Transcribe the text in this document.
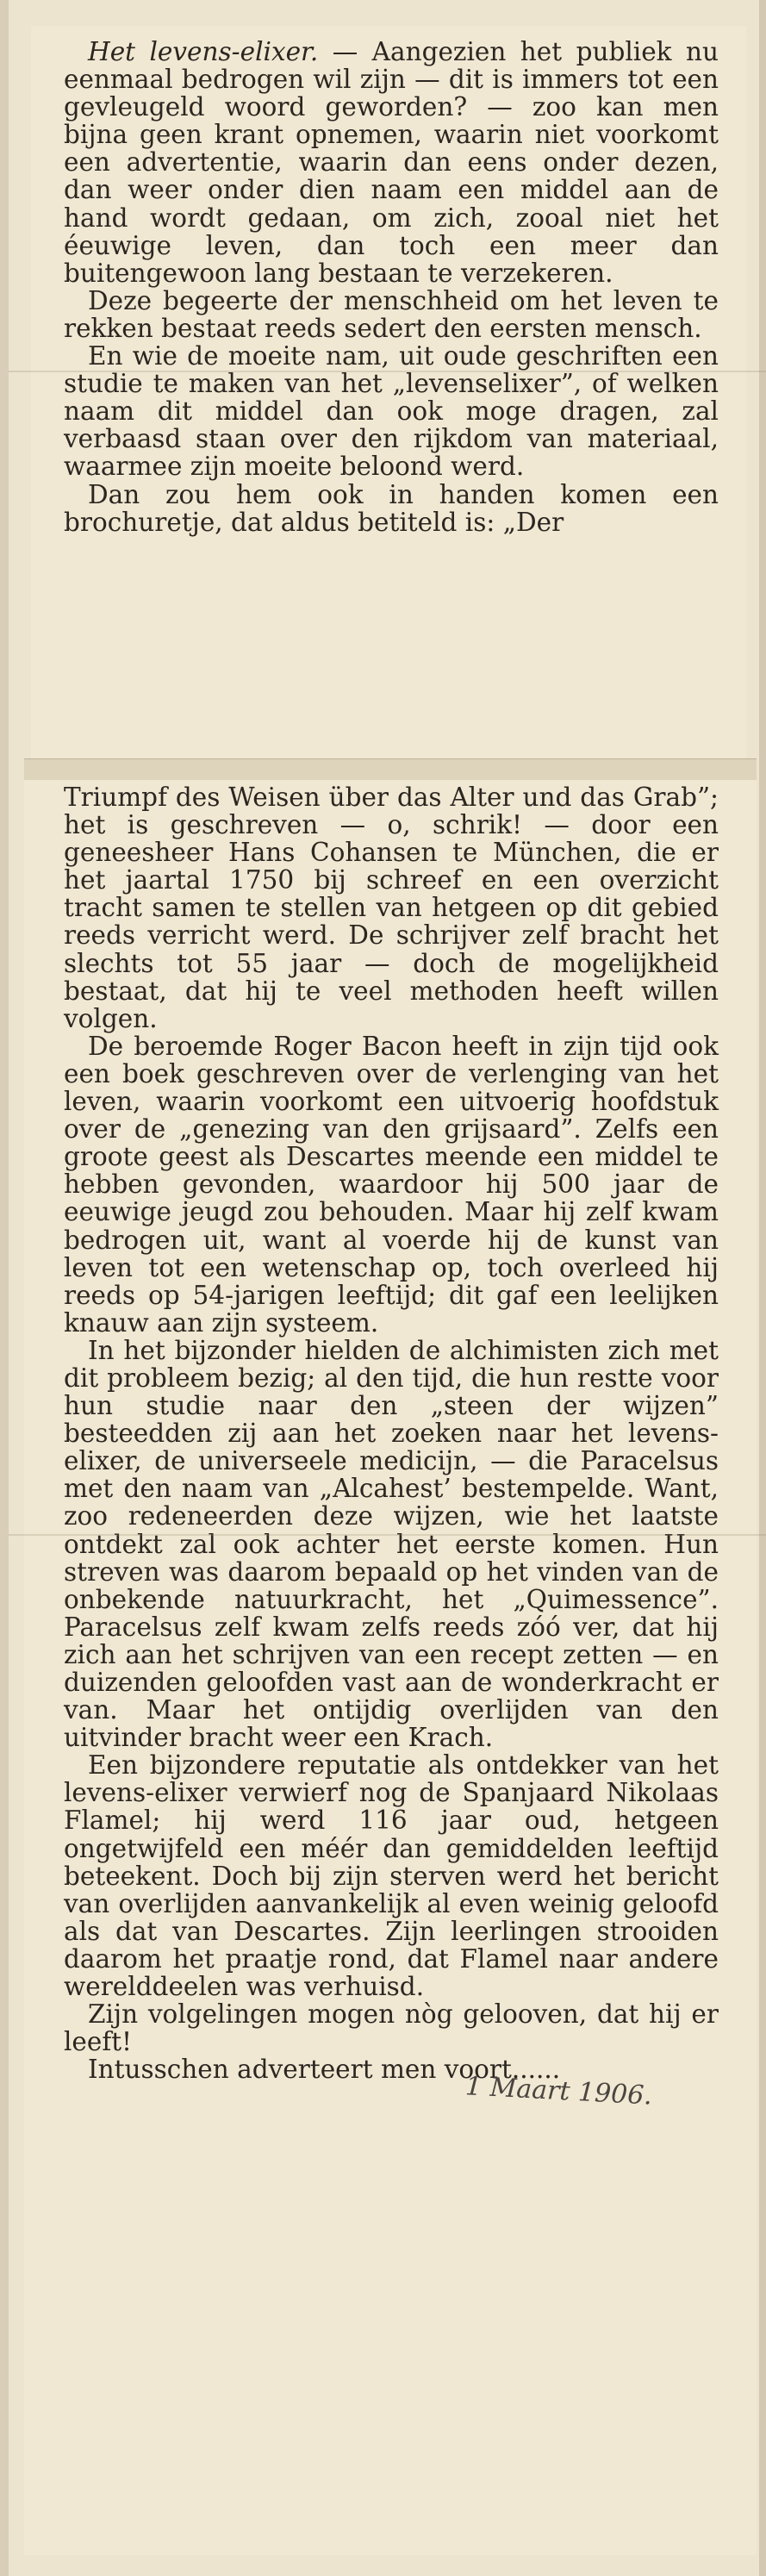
Het levens-elixer. — Aangezien het publiek nu eenmaal bedrogen wil zijn — dit is immers tot een gevleugeld woord geworden? — zoo kan men bijna geen krant opnemen, waarin niet voorkomt een advertentie, waarin dan eens onder dezen, dan weer onder dien naam een middel aan de hand wordt gedaan, om zich, zooal niet het éeuwige leven, dan toch een meer dan buitengewoon lang bestaan te verzekeren.

Deze begeerte der menschheid om het leven te rekken bestaat reeds sedert den eersten mensch.

En wie de moeite nam, uit oude geschriften een studie te maken van het „levenselixer”, of welken naam dit middel dan ook moge dragen, zal verbaasd staan over den rijkdom van materiaal, waarmee zijn moeite beloond werd.

Dan zou hem ook in handen komen een brochuretje, dat aldus betiteld is: „Der

Triumpf des Weisen über das Alter und das Grab”; het is geschreven — o, schrik! — door een geneesheer Hans Cohansen te München, die er het jaartal 1750 bij schreef en een overzicht tracht samen te stellen van hetgeen op dit gebied reeds verricht werd. De schrijver zelf bracht het slechts tot 55 jaar — doch de mogelijkheid bestaat, dat hij te veel methoden heeft willen volgen.

De beroemde Roger Bacon heeft in zijn tijd ook een boek geschreven over de verlenging van het leven, waarin voorkomt een uitvoerig hoofdstuk over de „genezing van den grijsaard”. Zelfs een groote geest als Descartes meende een middel te hebben gevonden, waardoor hij 500 jaar de eeuwige jeugd zou behouden. Maar hij zelf kwam bedrogen uit, want al voerde hij de kunst van leven tot een wetenschap op, toch overleed hij reeds op 54-jarigen leeftijd; dit gaf een leelijken knauw aan zijn systeem.

In het bijzonder hielden de alchimisten zich met dit probleem bezig; al den tijd, die hun restte voor hun studie naar den „steen der wijzen” besteedden zij aan het zoeken naar het levens-elixer, de universeele medicijn, — die Paracelsus met den naam van „Alcahest’ bestempelde. Want, zoo redeneerden deze wijzen, wie het laatste ontdekt zal ook achter het eerste komen. Hun streven was daarom bepaald op het vinden van de onbekende natuurkracht, het „Quimessence”. Paracelsus zelf kwam zelfs reeds zóó ver, dat hij zich aan het schrijven van een recept zetten — en duizenden geloofden vast aan de wonderkracht er van. Maar het ontijdig overlijden van den uitvinder bracht weer een Krach.

Een bijzondere reputatie als ontdekker van het levens-elixer verwierf nog de Spanjaard Nikolaas Flamel; hij werd 116 jaar oud, hetgeen ongetwijfeld een méér dan gemiddelden leeftijd beteekent. Doch bij zijn sterven werd het bericht van overlijden aanvankelijk al even weinig geloofd als dat van Descartes. Zijn leerlingen strooiden daarom het praatje rond, dat Flamel naar andere werelddeelen was verhuisd.

Zijn volgelingen mogen nòg gelooven, dat hij er leeft!

Intusschen adverteert men voort......

1 Maart 1906.
